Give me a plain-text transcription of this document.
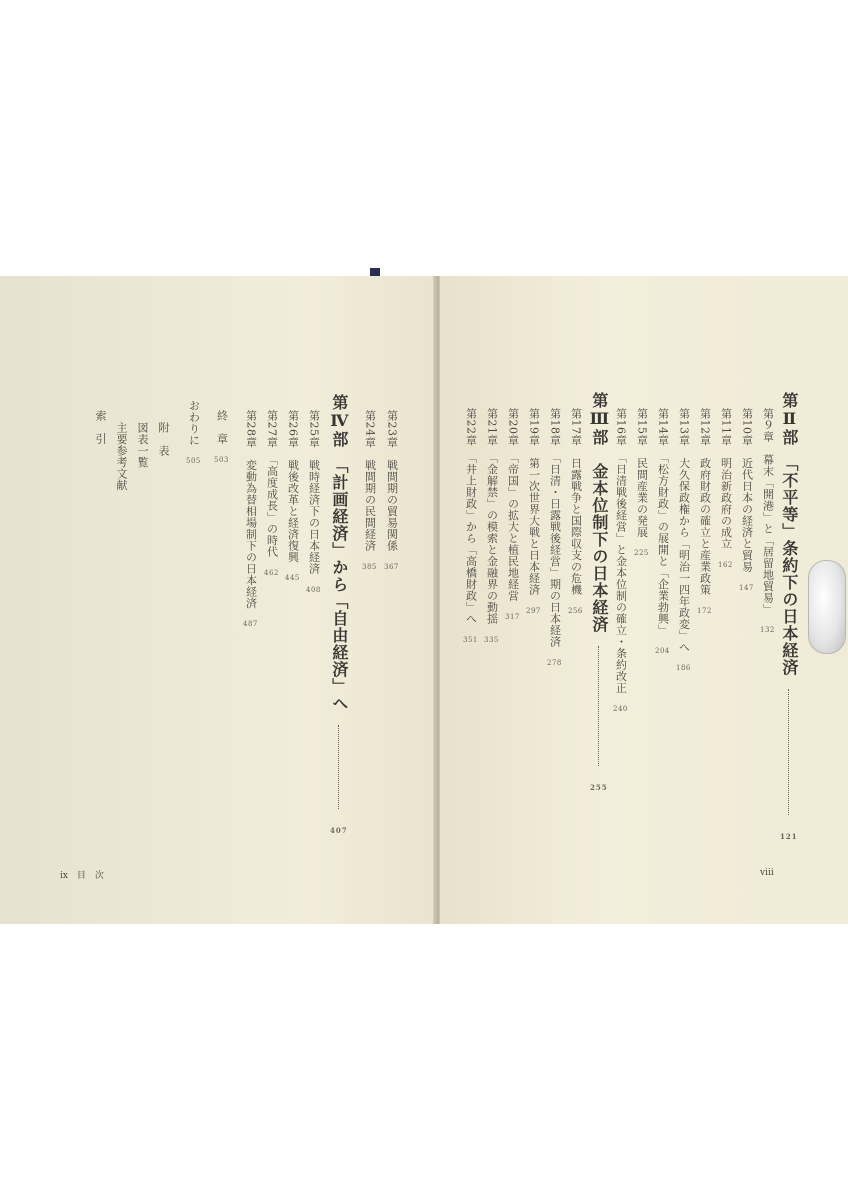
第23章　戦間期の貿易関係 367
第24章　戦間期の民間経済 385
第Ⅳ部　「計画経済」から「自由経済」へ  407
第25章　戦時経済下の日本経済 408
第26章　戦後改革と経済復興 445
第27章　「高度成長」の時代 462
第28章　変動為替相場制下の日本経済 487
終　章 503
おわりに 505
附　表
図表一覧
主要参考文献
索　引
ix 目　次
第Ⅱ部　「不平等」条約下の日本経済  121
第９章　幕末「開港」と「居留地貿易」 132
第10章　近代日本の経済と貿易 147
第11章　明治新政府の成立 162
第12章　政府財政の確立と産業政策 172
第13章　大久保政権から「明治一四年政変」へ 186
第14章　「松方財政」の展開と「企業勃興」 204
第15章　民間産業の発展 225
第16章　「日清戦後経営」と金本位制の確立・条約改正 240
第Ⅲ部　金本位制下の日本経済  255
第17章　日露戦争と国際収支の危機 256
第18章　「日清・日露戦後経営」期の日本経済 278
第19章　第一次世界大戦と日本経済 297
第20章　「帝国」の拡大と植民地経営 317
第21章　「金解禁」の模索と金融界の動揺 335
第22章　「井上財政」から「高橋財政」へ 351
viii
